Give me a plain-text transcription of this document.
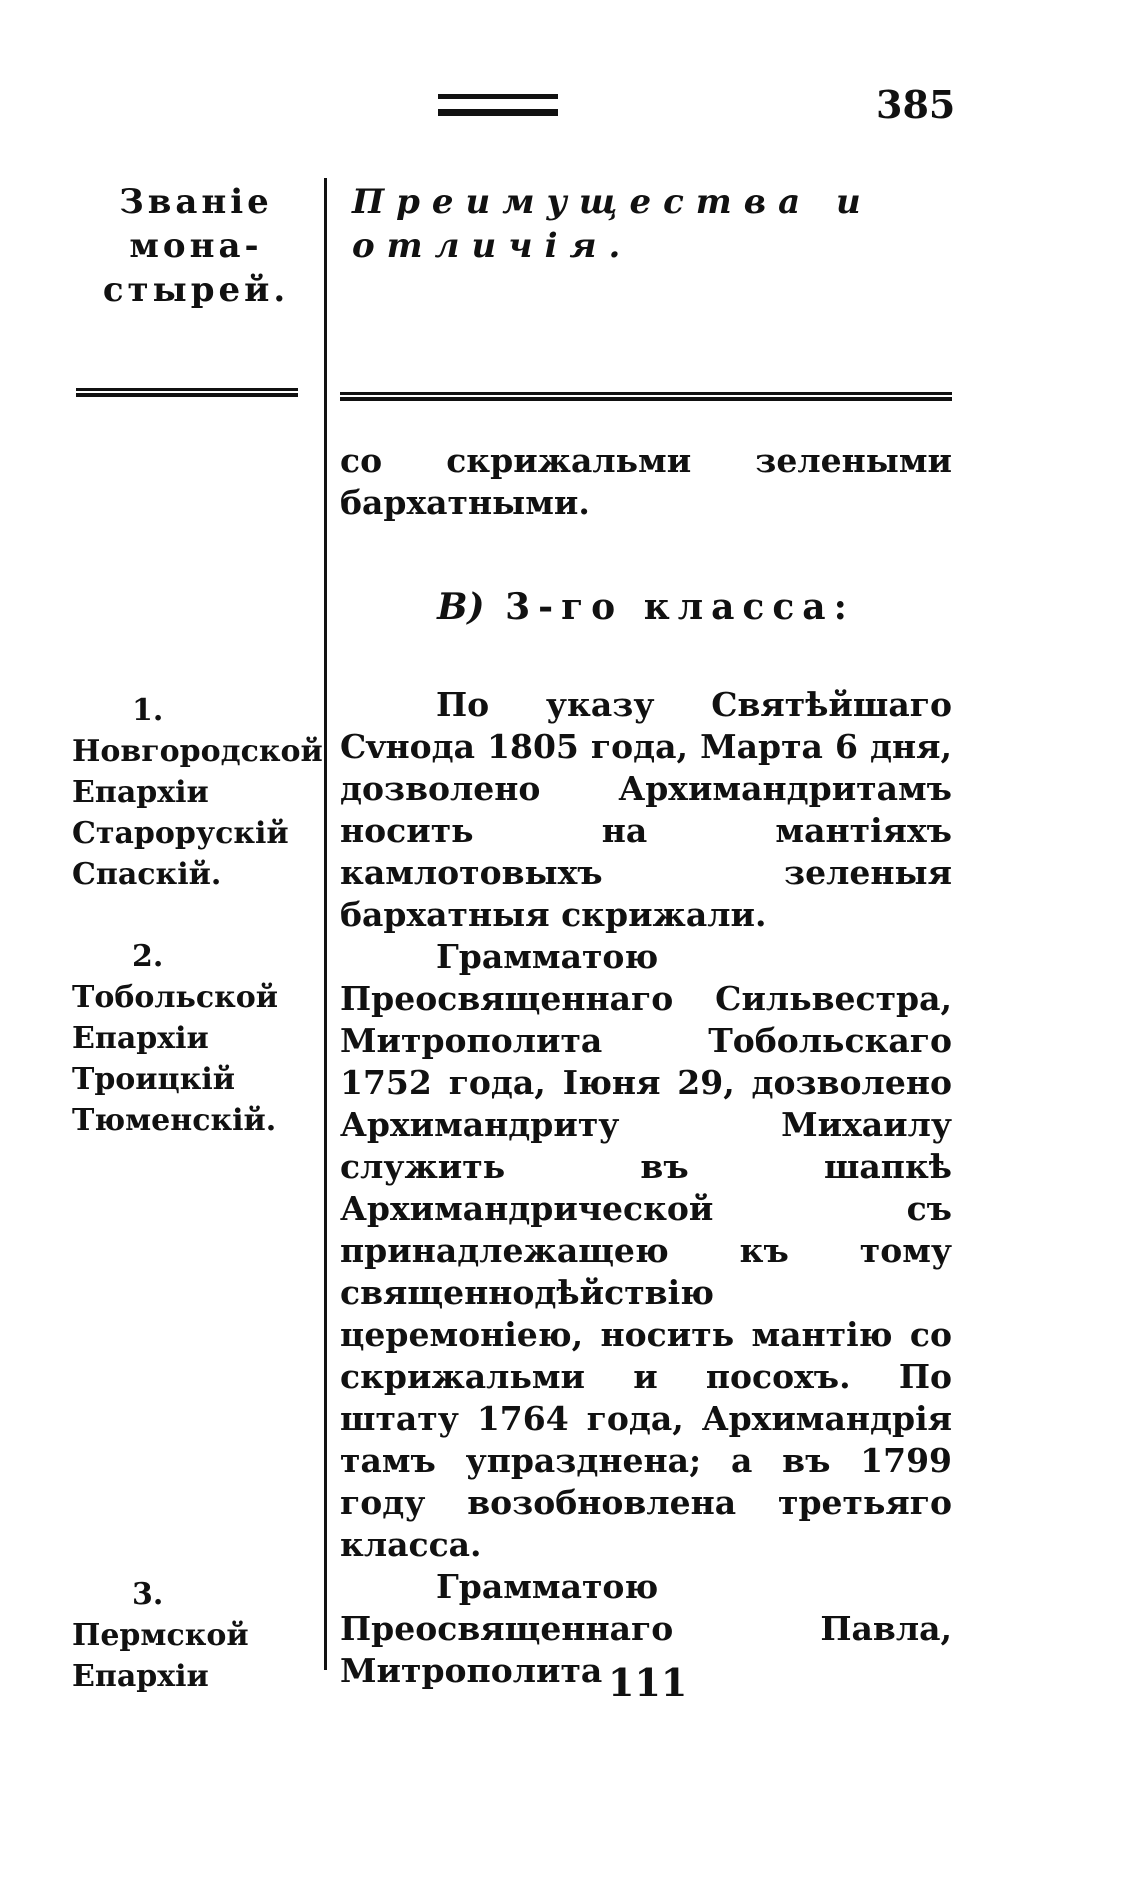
385
Званіе
мона-
стырей.
Преимущества и
отличія.

со скрижальми зелеными бархатными.

В) 3-го класса:

По указу Святѣйшаго Сvнода 1805 года, Марта 6 дня, дозволено Архимандритамъ носить на мантіяхъ камлотовыхъ зеленыя бархатныя скрижали.

Грамматою Преосвященнаго Сильвестра, Митрополита Тобольскаго 1752 года, Іюня 29, дозволено Архимандриту Михаилу служить въ шапкѣ Архимандрической съ принадлежащею къ тому священнодѣйствію церемоніею, носить мантію со скрижальми и посохъ. По штату 1764 года, Архимандрія тамъ упразднена; а въ 1799 году возобновлена третьяго класса.

Грамматою Преосвященнаго Павла, Митрополита

1. Новгородской Епархіи Старорускій Спаскій.
2. Тобольской Епархіи Троицкій Тюменскій.
3. Пермской Епархіи	111
